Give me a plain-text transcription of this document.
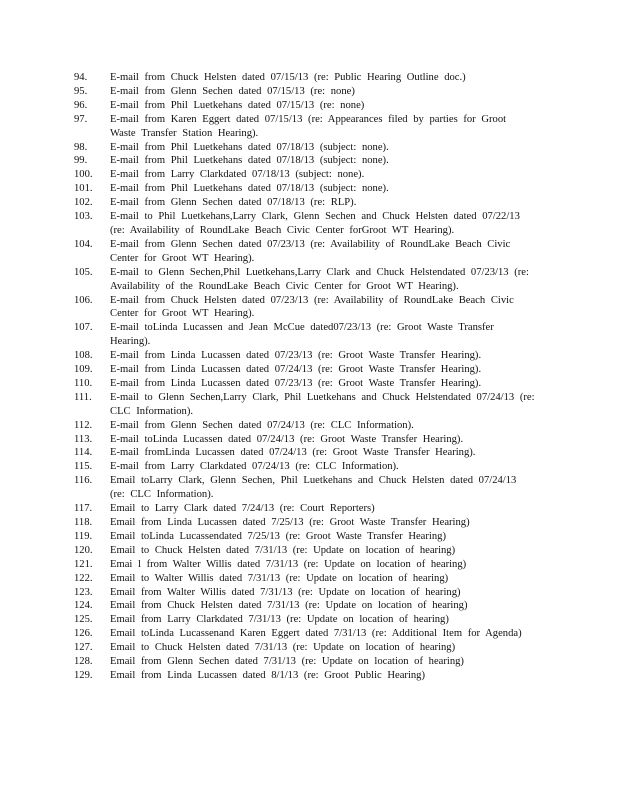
94.	E-mail from Chuck Helsten dated 07/15/13 (re: Public Hearing Outline doc.)
95.	E-mail from Glenn Sechen dated 07/15/13 (re: none)
96.	E-mail from Phil Luetkehans dated 07/15/13 (re: none)
97.	E-mail from Karen Eggert dated 07/15/13 (re: Appearances filed by parties for Groot Waste Transfer Station Hearing).
98.	E-mail from Phil Luetkehans dated 07/18/13 (subject: none).
99.	E-mail from Phil Luetkehans dated 07/18/13 (subject: none).
100.	E-mail from Larry Clarkdated 07/18/13 (subject: none).
101.	E-mail from Phil Luetkehans dated 07/18/13 (subject: none).
102.	E-mail from Glenn Sechen dated 07/18/13 (re: RLP).
103.	E-mail to Phil Luetkehans,Larry Clark, Glenn Sechen and Chuck Helsten dated 07/22/13 (re: Availability of RoundLake Beach Civic Center forGroot WT Hearing).
104.	E-mail from Glenn Sechen dated 07/23/13 (re: Availability of RoundLake Beach Civic Center for Groot WT Hearing).
105.	E-mail to Glenn Sechen,Phil Luetkehans,Larry Clark and Chuck Helstendated 07/23/13 (re: Availability of the RoundLake Beach Civic Center for Groot WT Hearing).
106.	E-mail from Chuck Helsten dated 07/23/13 (re: Availability of RoundLake Beach Civic Center for Groot WT Hearing).
107.	E-mail toLinda Lucassen and Jean McCue dated07/23/13 (re: Groot Waste Transfer Hearing).
108.	E-mail from Linda Lucassen dated 07/23/13 (re: Groot Waste Transfer Hearing).
109.	E-mail from Linda Lucassen dated 07/24/13 (re: Groot Waste Transfer Hearing).
110.	E-mail from Linda Lucassen dated 07/23/13 (re: Groot Waste Transfer Hearing).
111.	E-mail to Glenn Sechen,Larry Clark, Phil Luetkehans and Chuck Helstendated 07/24/13 (re: CLC Information).
112.	E-mail from Glenn Sechen dated 07/24/13 (re: CLC Information).
113.	E-mail toLinda Lucassen dated 07/24/13 (re: Groot Waste Transfer Hearing).
114.	E-mail fromLinda Lucassen dated 07/24/13 (re: Groot Waste Transfer Hearing).
115.	E-mail from Larry Clarkdated 07/24/13 (re: CLC Information).
116.	Email toLarry Clark, Glenn Sechen, Phil Luetkehans and Chuck Helsten dated 07/24/13 (re: CLC Information).
117.	Email to Larry Clark dated 7/24/13 (re: Court Reporters)
118.	Email from Linda Lucassen dated 7/25/13 (re: Groot Waste Transfer Hearing)
119.	Email toLinda Lucassendated 7/25/13 (re: Groot Waste Transfer Hearing)
120.	Email to Chuck Helsten dated 7/31/13 (re: Update on location of hearing)
121.	Emai l from Walter Willis dated 7/31/13 (re: Update on location of hearing)
122.	Email to Walter Willis dated 7/31/13 (re: Update on location of hearing)
123.	Email from Walter Willis dated 7/31/13 (re: Update on location of hearing)
124.	Email from Chuck Helsten dated 7/31/13 (re: Update on location of hearing)
125.	Email from Larry Clarkdated 7/31/13 (re: Update on location of hearing)
126.	Email toLinda Lucassenand Karen Eggert dated 7/31/13 (re: Additional Item for Agenda)
127.	Email to Chuck Helsten dated 7/31/13 (re: Update on location of hearing)
128.	Email from Glenn Sechen dated 7/31/13 (re: Update on location of hearing)
129.	Email from Linda Lucassen dated 8/1/13 (re: Groot Public Hearing)
